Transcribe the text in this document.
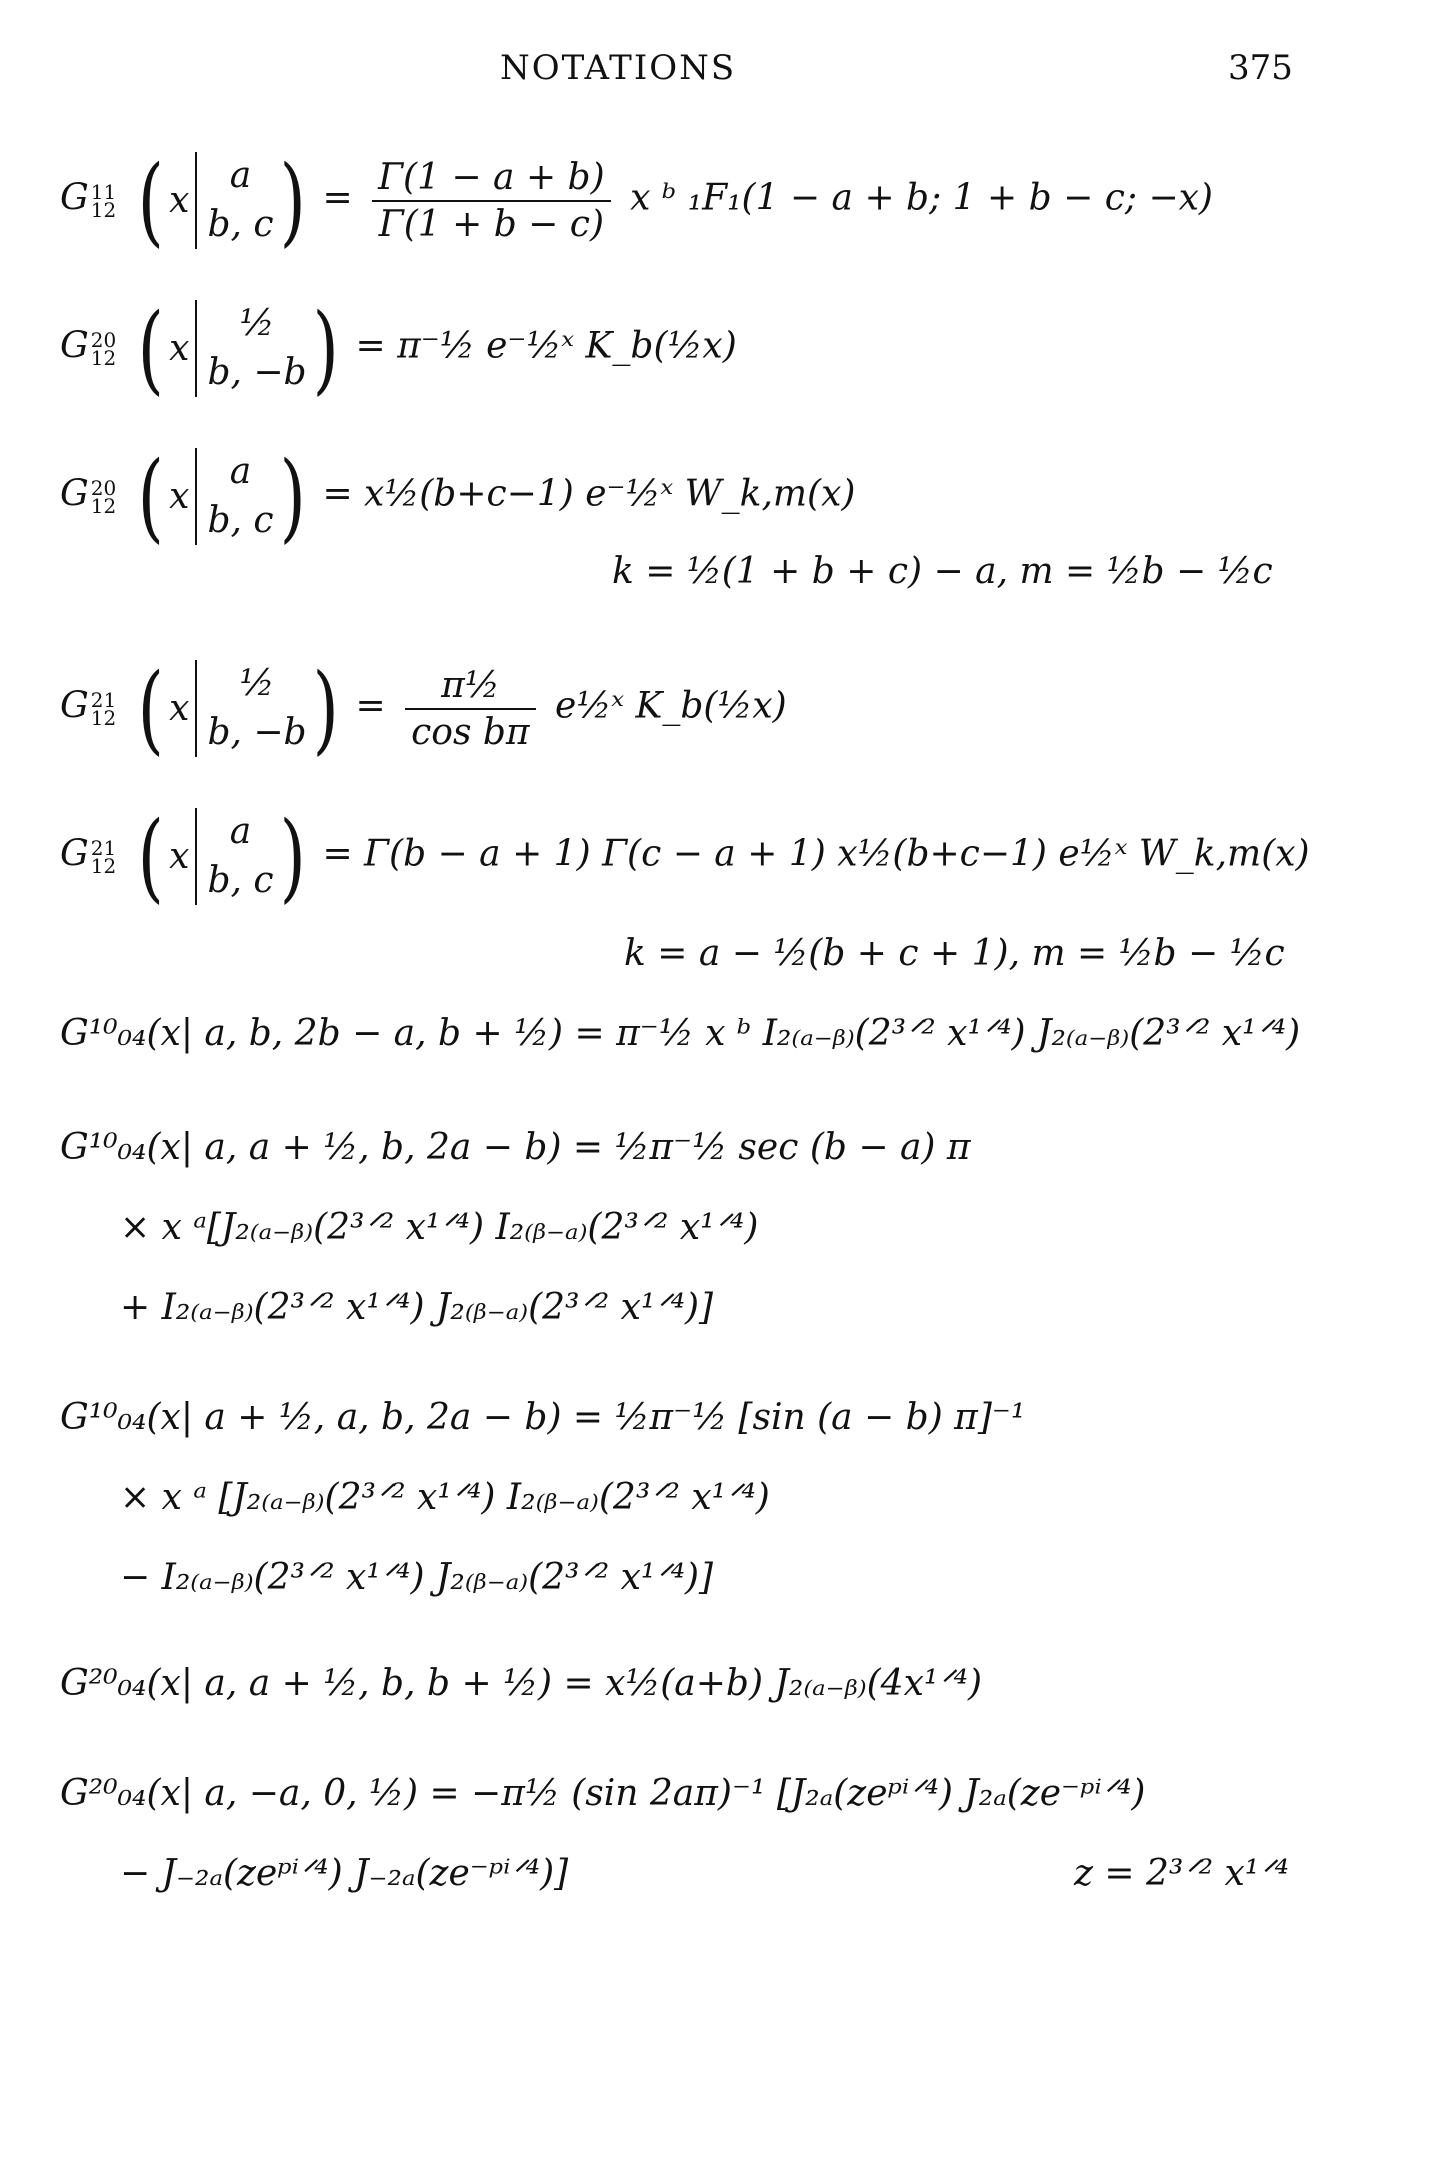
NOTATIONS	375
G 11
12 ( x
a
b, c ) = $\frac{\Gamma(1 - a + b)}{\Gamma(1 + b - c)}$ x ᵇ ₁F₁(1 − a + b; 1 + b − c; −x)
G 20
12 ( x
½
b, −b ) = π⁻½ e⁻½ˣ K_b(½x)
G 20
12 ( x
a
b, c ) = x½(b+c−1) e⁻½ˣ W_k,m(x)
k = ½(1 + b + c) − a, m = ½b − ½c
G 21
12 ( x
½
b, −b ) = $\frac{\text{π½}}{\text{cos bπ}}$ e½ˣ K_b(½x)
G 21
12 ( x
a
b, c ) = Γ(b − a + 1) Γ(c − a + 1) x½(b+c−1) e½ˣ W_k,m(x)
k = a − ½(b + c + 1), m = ½b − ½c
G¹⁰₀₄(x| a, b, 2b − a, b + ½) = π⁻½ x ᵇ I₂₍ₐ₋ᵦ₎(2³ᐟ² x¹ᐟ⁴) J₂₍ₐ₋ᵦ₎(2³ᐟ² x¹ᐟ⁴)
G¹⁰₀₄(x| a, a + ½, b, 2a − b) = ½π⁻½ sec (b − a) π
× x ᵃ[J₂₍ₐ₋ᵦ₎(2³ᐟ² x¹ᐟ⁴) I₂₍ᵦ₋ₐ₎(2³ᐟ² x¹ᐟ⁴)
+ I₂₍ₐ₋ᵦ₎(2³ᐟ² x¹ᐟ⁴) J₂₍ᵦ₋ₐ₎(2³ᐟ² x¹ᐟ⁴)]
G¹⁰₀₄(x| a + ½, a, b, 2a − b) = ½π⁻½ [sin (a − b) π]⁻¹
× x ᵃ [J₂₍ₐ₋ᵦ₎(2³ᐟ² x¹ᐟ⁴) I₂₍ᵦ₋ₐ₎(2³ᐟ² x¹ᐟ⁴)
− I₂₍ₐ₋ᵦ₎(2³ᐟ² x¹ᐟ⁴) J₂₍ᵦ₋ₐ₎(2³ᐟ² x¹ᐟ⁴)]
G²⁰₀₄(x| a, a + ½, b, b + ½) = x½(a+b) J₂₍ₐ₋ᵦ₎(4x¹ᐟ⁴)
G²⁰₀₄(x| a, −a, 0, ½) = −π½ (sin 2aπ)⁻¹ [J₂ₐ(zeᵖⁱᐟ⁴) J₂ₐ(ze⁻ᵖⁱᐟ⁴)
− J₋₂ₐ(zeᵖⁱᐟ⁴) J₋₂ₐ(ze⁻ᵖⁱᐟ⁴)]	z = 2³ᐟ² x¹ᐟ⁴
